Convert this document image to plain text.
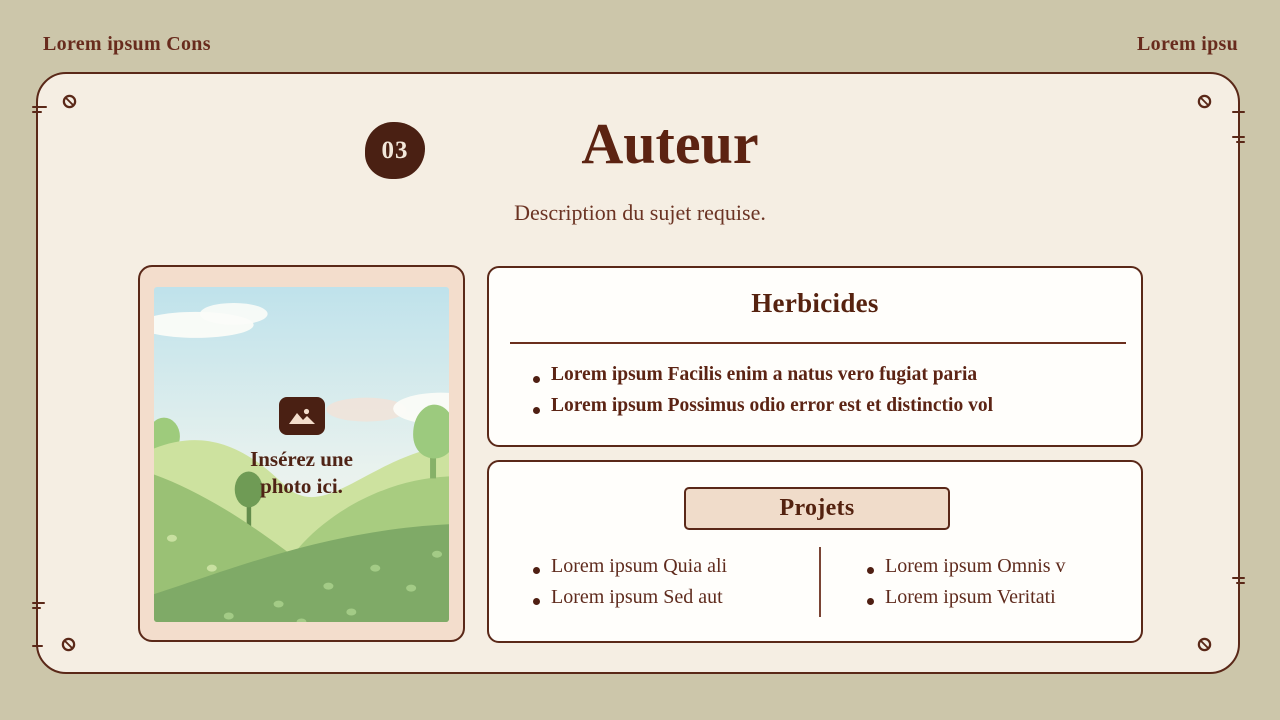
Lorem ipsum Cons	Lorem ipsu
03	Auteur
Description du sujet requise.
Insérez une
photo ici.
Herbicides
Lorem ipsum Facilis enim a natus vero fugiat paria
Lorem ipsum Possimus odio error est et distinctio vol
Projets
Lorem ipsum Quia ali
Lorem ipsum Sed aut
Lorem ipsum Omnis v
Lorem ipsum Veritati
